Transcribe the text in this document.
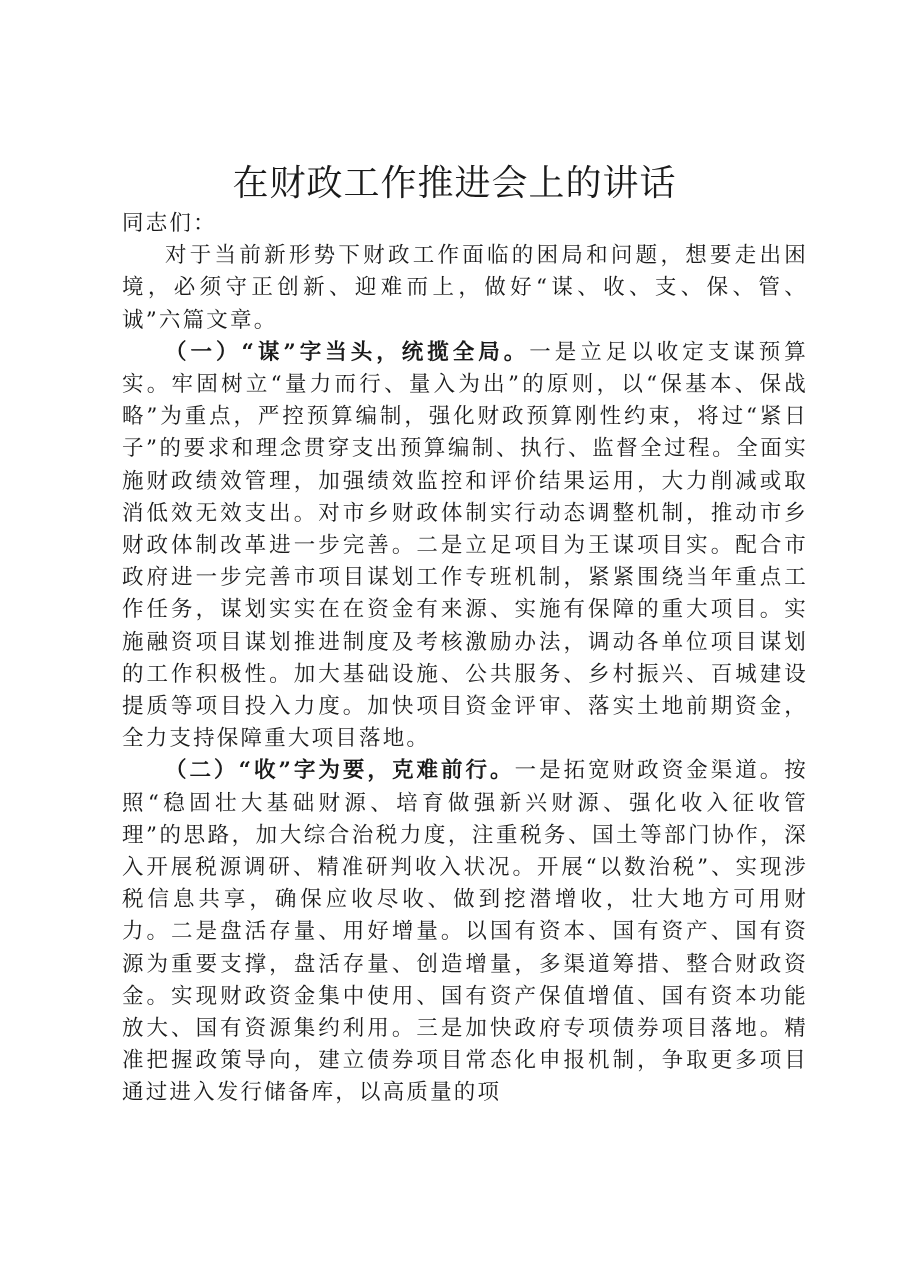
在财政工作推进会上的讲话

同志们：

对于当前新形势下财政工作面临的困局和问题，想要走出困境，必须守正创新、迎难而上，做好“谋、收、支、保、管、诚”六篇文章。

（一）“谋”字当头，统揽全局。一是立足以收定支谋预算实。牢固树立“量力而行、量入为出”的原则，以“保基本、保战略”为重点，严控预算编制，强化财政预算刚性约束，将过“紧日子”的要求和理念贯穿支出预算编制、执行、监督全过程。全面实施财政绩效管理，加强绩效监控和评价结果运用，大力削减或取消低效无效支出。对市乡财政体制实行动态调整机制，推动市乡财政体制改革进一步完善。二是立足项目为王谋项目实。配合市政府进一步完善市项目谋划工作专班机制，紧紧围绕当年重点工作任务，谋划实实在在资金有来源、实施有保障的重大项目。实施融资项目谋划推进制度及考核激励办法，调动各单位项目谋划的工作积极性。加大基础设施、公共服务、乡村振兴、百城建设提质等项目投入力度。加快项目资金评审、落实土地前期资金，全力支持保障重大项目落地。

（二）“收”字为要，克难前行。一是拓宽财政资金渠道。按照“稳固壮大基础财源、培育做强新兴财源、强化收入征收管理”的思路，加大综合治税力度，注重税务、国土等部门协作，深入开展税源调研、精准研判收入状况。开展“以数治税”、实现涉税信息共享，确保应收尽收、做到挖潜增收，壮大地方可用财力。二是盘活存量、用好增量。以国有资本、国有资产、国有资源为重要支撑，盘活存量、创造增量，多渠道筹措、整合财政资金。实现财政资金集中使用、国有资产保值增值、国有资本功能放大、国有资源集约利用。三是加快政府专项债券项目落地。精准把握政策导向，建立债券项目常态化申报机制，争取更多项目通过进入发行储备库，以高质量的项
